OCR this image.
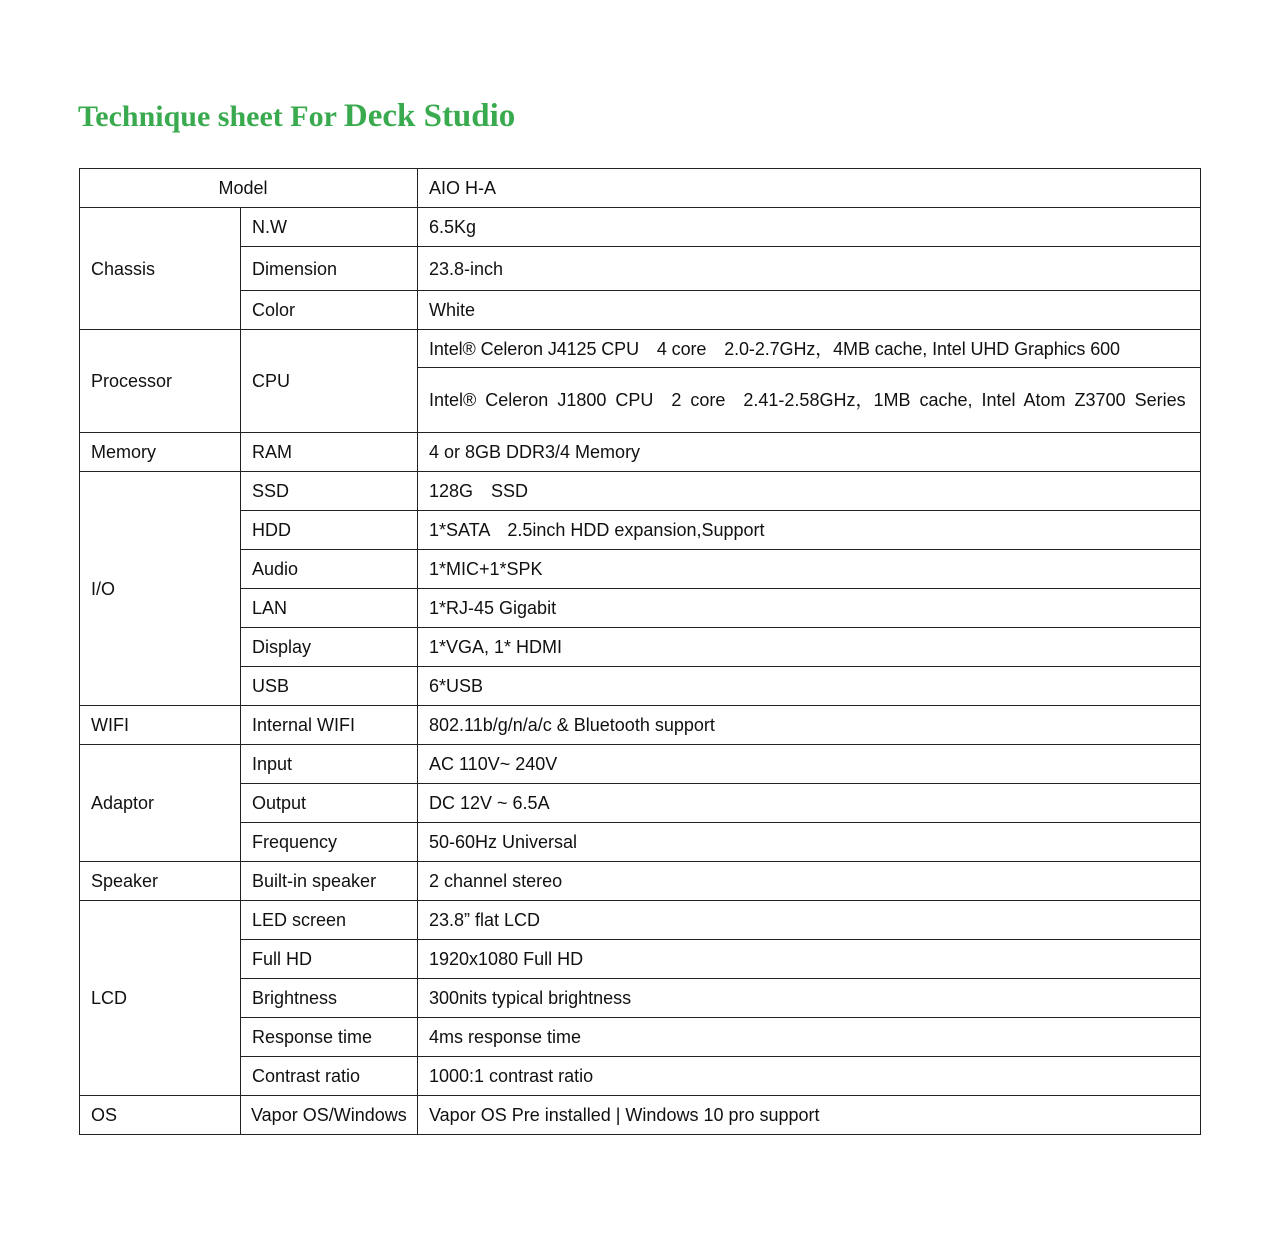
Technique sheet For Deck Studio
Model		AIO H-A
Chassis	N.W	6.5Kg
	Dimension	23.8-inch
	Color	White
Processor	CPU	Intel® Celeron J4125 CPU　4 core　2.0-2.7GHz，4MB cache, Intel UHD Graphics 600
		Intel® Celeron J1800 CPU　2 core　2.41-2.58GHz，1MB cache, Intel Atom Z3700 Series
Memory	RAM	4 or 8GB DDR3/4 Memory
I/O	SSD	128G　SSD
	HDD	1*SATA　2.5inch HDD expansion,Support
	Audio	1*MIC+1*SPK
	LAN	1*RJ-45 Gigabit
	Display	1*VGA, 1* HDMI
	USB	6*USB
WIFI	Internal WIFI	802.11b/g/n/a/c & Bluetooth support
Adaptor	Input	AC 110V~ 240V
	Output	DC 12V ~ 6.5A
	Frequency	50-60Hz Universal
Speaker	Built-in speaker	2 channel stereo
LCD	LED screen	23.8” flat LCD
	Full HD	1920x1080 Full HD
	Brightness	300nits typical brightness
	Response time	4ms response time
	Contrast ratio	1000:1 contrast ratio
OS	Vapor OS/Windows	Vapor OS Pre installed | Windows 10 pro support
